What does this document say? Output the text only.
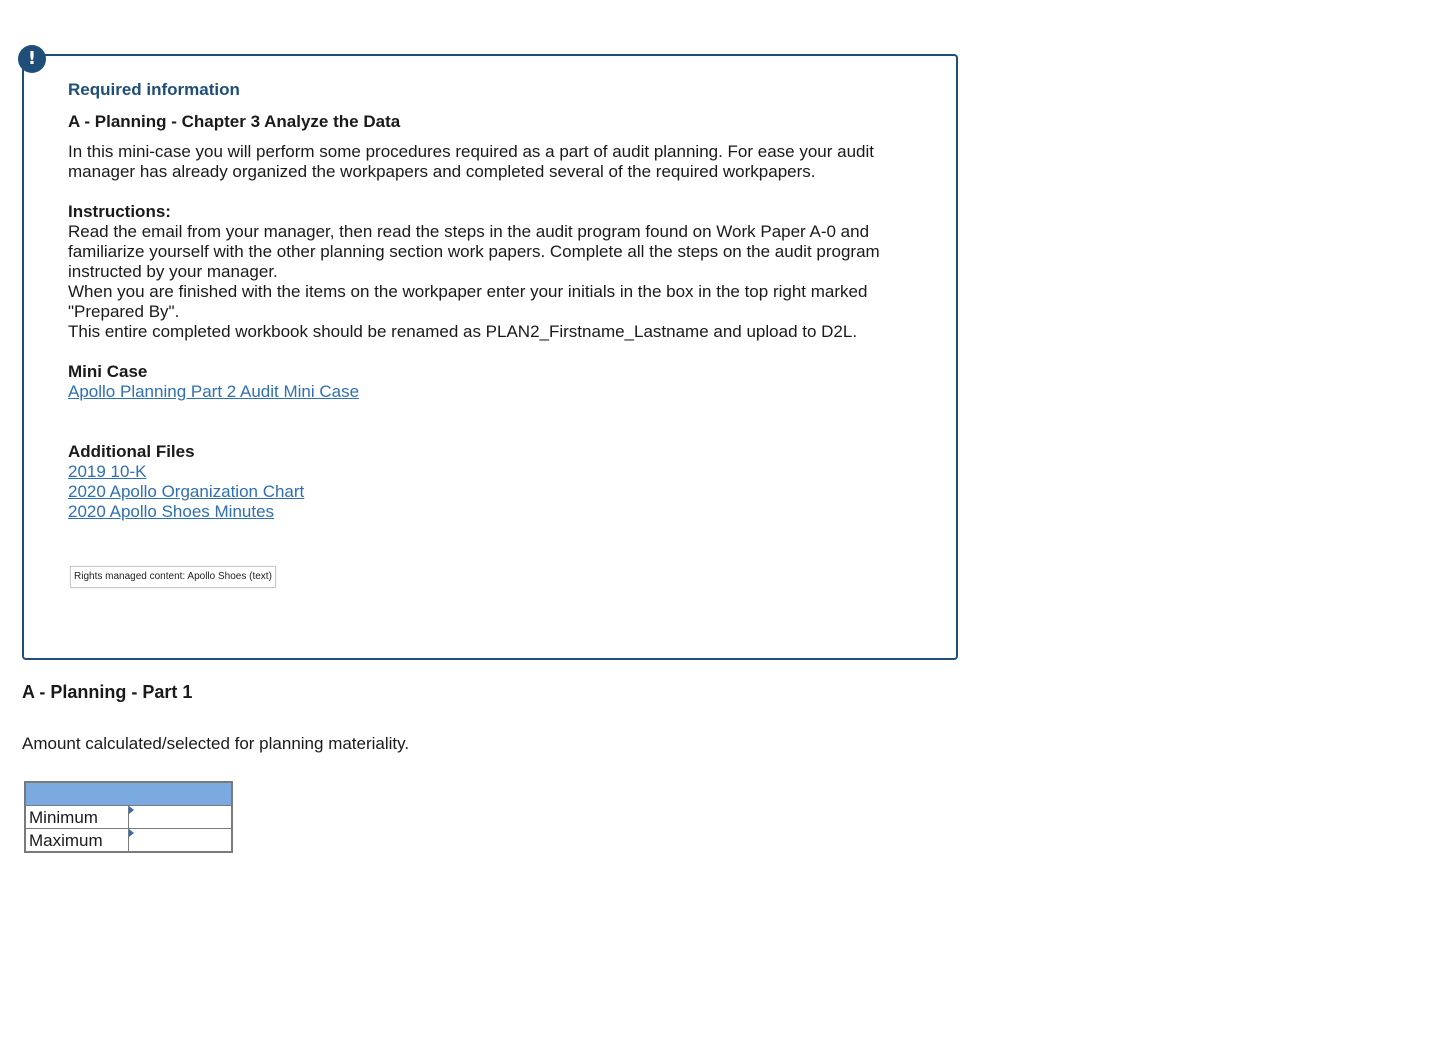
!
Required information
A - Planning - Chapter 3 Analyze the Data

In this mini-case you will perform some procedures required as a part of audit planning. For ease your audit manager has already organized the workpapers and completed several of the required workpapers.

Instructions:

Read the email from your manager, then read the steps in the audit program found on Work Paper A-0 and familiarize yourself with the other planning section work papers. Complete all the steps on the audit program instructed by your manager.

When you are finished with the items on the workpaper enter your initials in the box in the top right marked "Prepared By".

This entire completed workbook should be renamed as PLAN2_Firstname_Lastname and upload to D2L.

Mini Case
Apollo Planning Part 2 Audit Mini Case
Additional Files
2019 10-K
2020 Apollo Organization Chart
2020 Apollo Shoes Minutes
Rights managed content: Apollo Shoes (text)
A - Planning - Part 1

Amount calculated/selected for planning materiality.

Minimum	

Maximum	
